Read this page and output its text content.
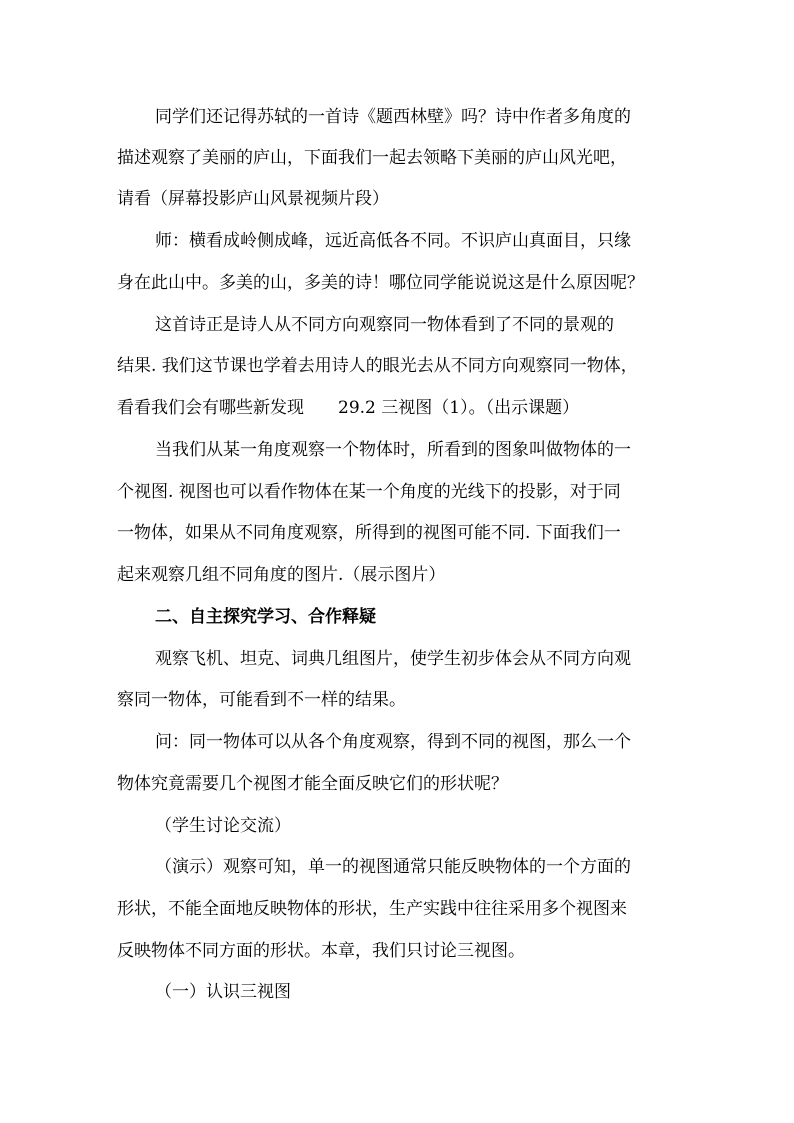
同学们还记得苏轼的一首诗《题西林壁》吗？诗中作者多角度的
描述观察了美丽的庐山，下面我们一起去领略下美丽的庐山风光吧，
请看（屏幕投影庐山风景视频片段）
师：横看成岭侧成峰，远近高低各不同。不识庐山真面目，只缘
身在此山中。多美的山，多美的诗！哪位同学能说说这是什么原因呢？
这首诗正是诗人从不同方向观察同一物体看到了不同的景观的
结果. 我们这节课也学着去用诗人的眼光去从不同方向观察同一物体，
看看我们会有哪些新发现　　29.2 三视图（1）。（出示课题）
当我们从某一角度观察一个物体时，所看到的图象叫做物体的一
个视图. 视图也可以看作物体在某一个角度的光线下的投影，对于同
一物体，如果从不同角度观察，所得到的视图可能不同. 下面我们一
起来观察几组不同角度的图片.（展示图片）
二、自主探究学习、合作释疑
观察飞机、坦克、词典几组图片，使学生初步体会从不同方向观
察同一物体，可能看到不一样的结果。
问：同一物体可以从各个角度观察，得到不同的视图，那么一个
物体究竟需要几个视图才能全面反映它们的形状呢？
（学生讨论交流）
（演示）观察可知，单一的视图通常只能反映物体的一个方面的
形状，不能全面地反映物体的形状，生产实践中往往采用多个视图来
反映物体不同方面的形状。本章，我们只讨论三视图。
（一）认识三视图
